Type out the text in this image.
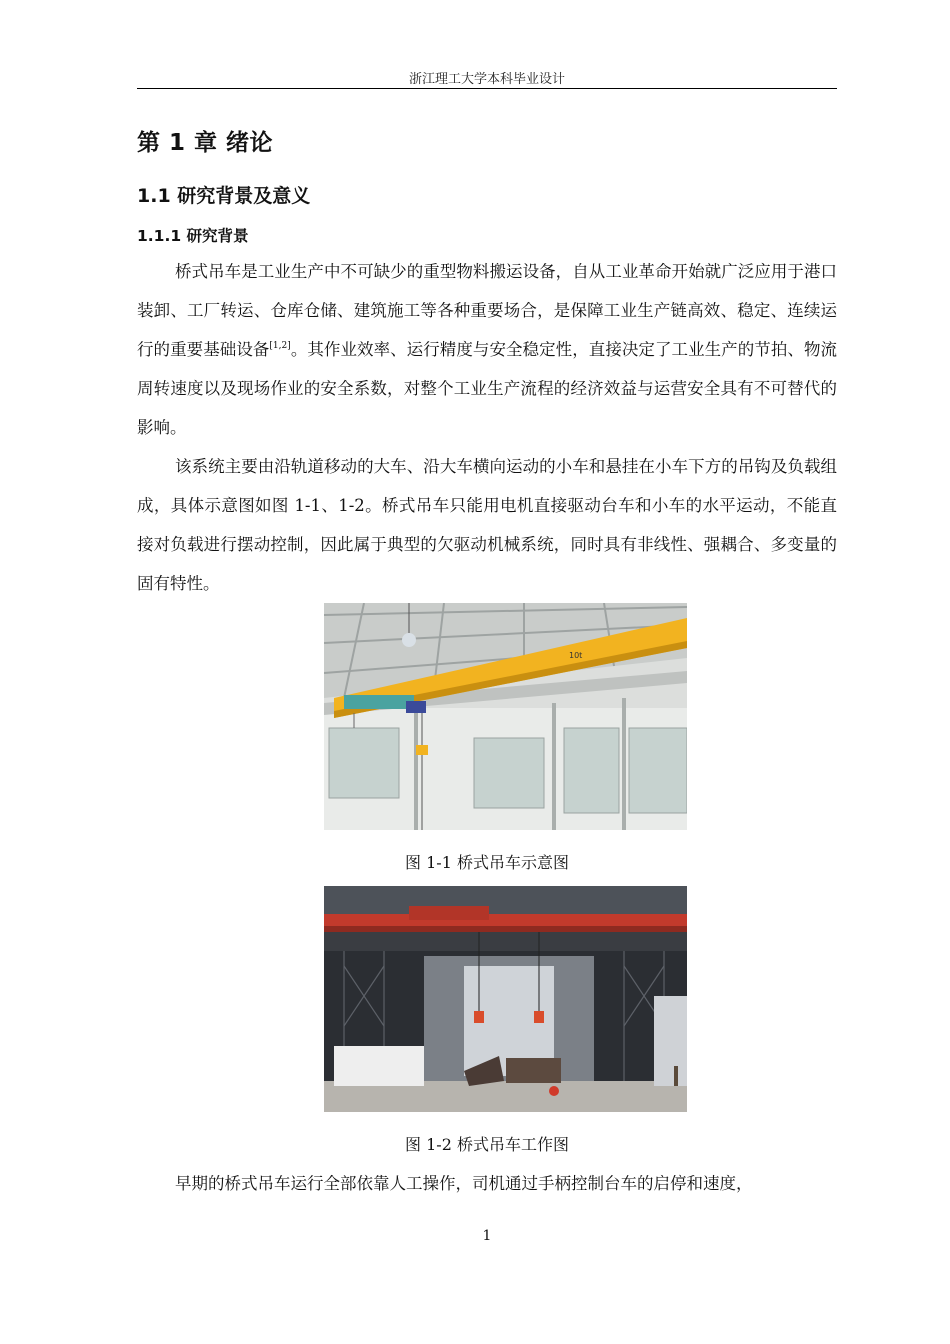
浙江理工大学本科毕业设计
第 1 章 绪论
1.1 研究背景及意义
1.1.1 研究背景

桥式吊车是工业生产中不可缺少的重型物料搬运设备，自从工业革命开始就广泛应用于港口装卸、工厂转运、仓库仓储、建筑施工等各种重要场合，是保障工业生产链高效、稳定、连续运行的重要基础设备[1,2]。其作业效率、运行精度与安全稳定性，直接决定了工业生产的节拍、物流周转速度以及现场作业的安全系数，对整个工业生产流程的经济效益与运营安全具有不可替代的影响。

该系统主要由沿轨道移动的大车、沿大车横向运动的小车和悬挂在小车下方的吊钩及负载组成，具体示意图如图 1-1、1-2。桥式吊车只能用电机直接驱动台车和小车的水平运动，不能直接对负载进行摆动控制，因此属于典型的欠驱动机械系统，同时具有非线性、强耦合、多变量的固有特性。

10t
图 1-1 桥式吊车示意图
图 1-2 桥式吊车工作图

早期的桥式吊车运行全部依靠人工操作，司机通过手柄控制台车的启停和速度，

1
